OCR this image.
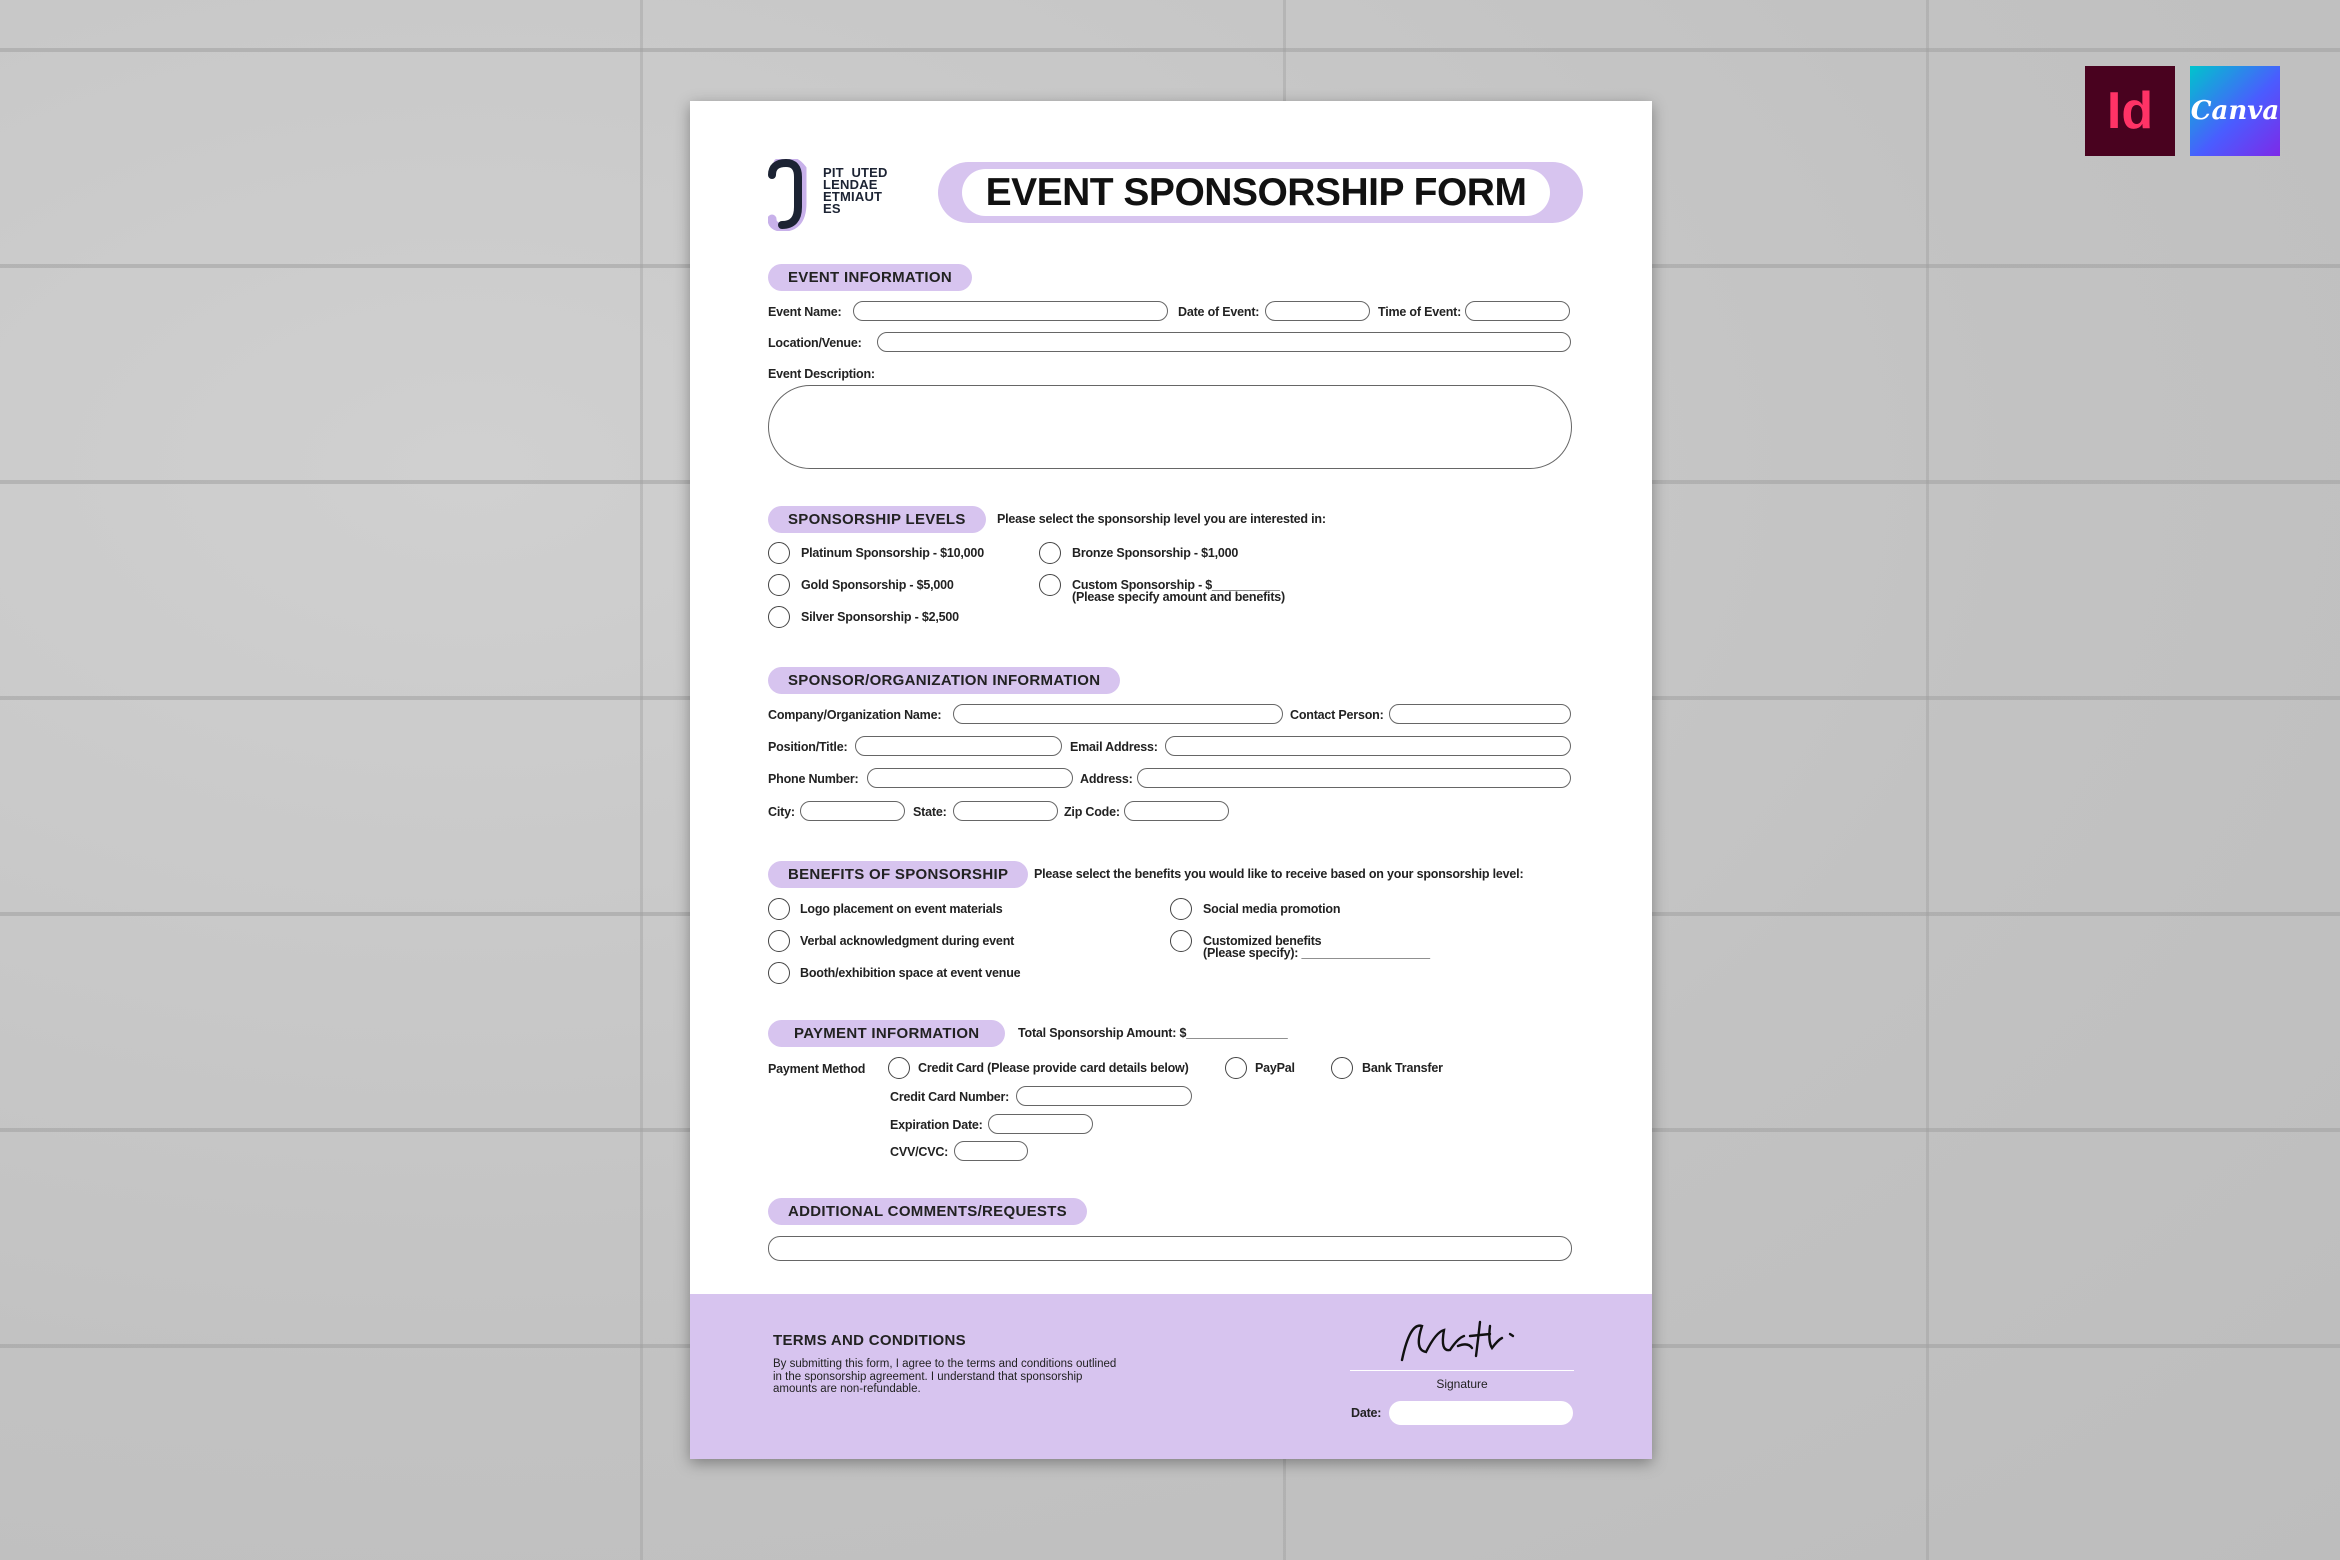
Id	Canva
PIT  UTED
LENDAE
ETMIAUT
ES	EVENT SPONSORSHIP FORM
EVENT INFORMATION
Event Name:	Date of Event:	Time of Event:
Location/Venue:
Event Description:
SPONSORSHIP LEVELS	Please select the sponsorship level you are interested in:
Platinum Sponsorship - $10,000
Gold Sponsorship - $5,000
Silver Sponsorship - $2,500
Bronze Sponsorship - $1,000
Custom Sponsorship - $__________
(Please specify amount and benefits)
SPONSOR/ORGANIZATION INFORMATION
Company/Organization Name:	Contact Person:
Position/Title:	Email Address:
Phone Number:	Address:
City:	State:	Zip Code:
BENEFITS OF SPONSORSHIP	Please select the benefits you would like to receive based on your sponsorship level:
Logo placement on event materials
Verbal acknowledgment during event
Booth/exhibition space at event venue
Social media promotion
Customized benefits
(Please specify): ___________________
PAYMENT INFORMATION	Total Sponsorship Amount: $_______________
Payment Method	Credit Card (Please provide card details below)	PayPal	Bank Transfer
Credit Card Number:
Expiration Date:
CVV/CVC:
ADDITIONAL COMMENTS/REQUESTS
TERMS AND CONDITIONS
By submitting this form, I agree to the terms and conditions outlined in the sponsorship agreement. I understand that sponsorship amounts are non-refundable.	Signature
Date:
